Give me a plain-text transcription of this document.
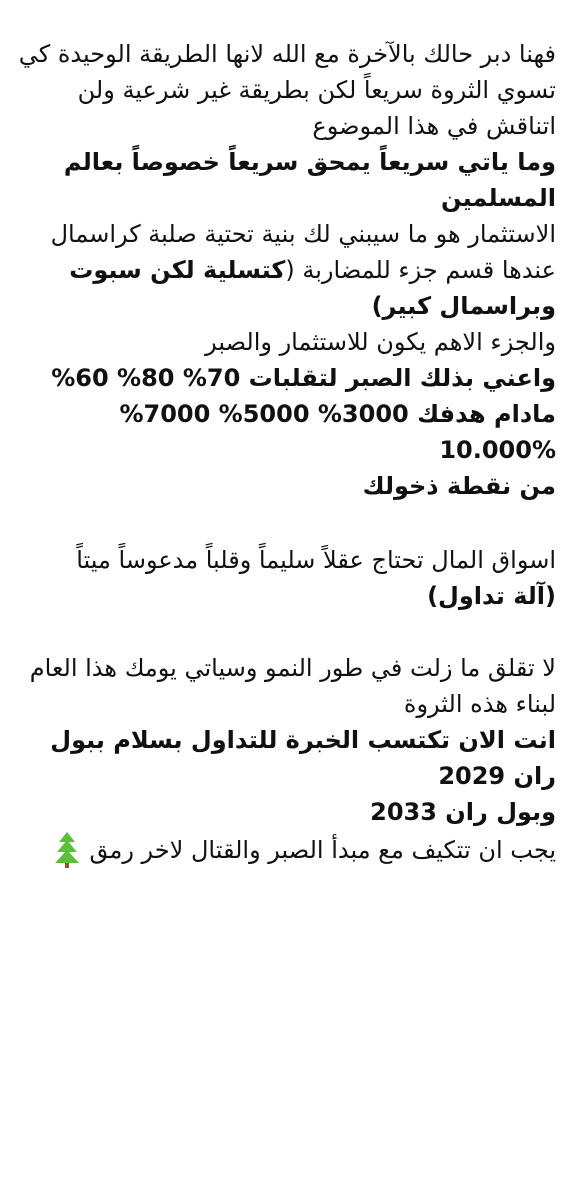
فهنا دبر حالك بالآخرة مع الله لانها الطريقة الوحيدة كي تسوي الثروة سريعاً لكن بطريقة غير شرعية ولن اتناقش في هذا الموضوع

وما ياتي سريعاً يمحق سريعاً خصوصاً بعالم المسلمين

الاستثمار هو ما سيبني لك بنية تحتية صلبة كراسمال

عندها قسم جزء للمضاربة (كتسلية لكن سبوت وبراسمال كبير)

والجزء الاهم يكون للاستثمار والصبر

واعني بذلك الصبر لتقلبات 70% 80% 60%

مادام هدفك 3000% 5000% 7000%

10.000%

من نقطة ذخولك

اسواق المال تحتاج عقلاً سليماً وقلباً مدعوساً ميتاً

(آلة تداول)

لا تقلق ما زلت في طور النمو وسياتي يومك هذا العام لبناء هذه الثروة

انت الان تكتسب الخبرة للتداول بسلام ببول ران 2029

وبول ران 2033

يجب ان تتكيف مع مبدأ الصبر والقتال لاخر رمق
